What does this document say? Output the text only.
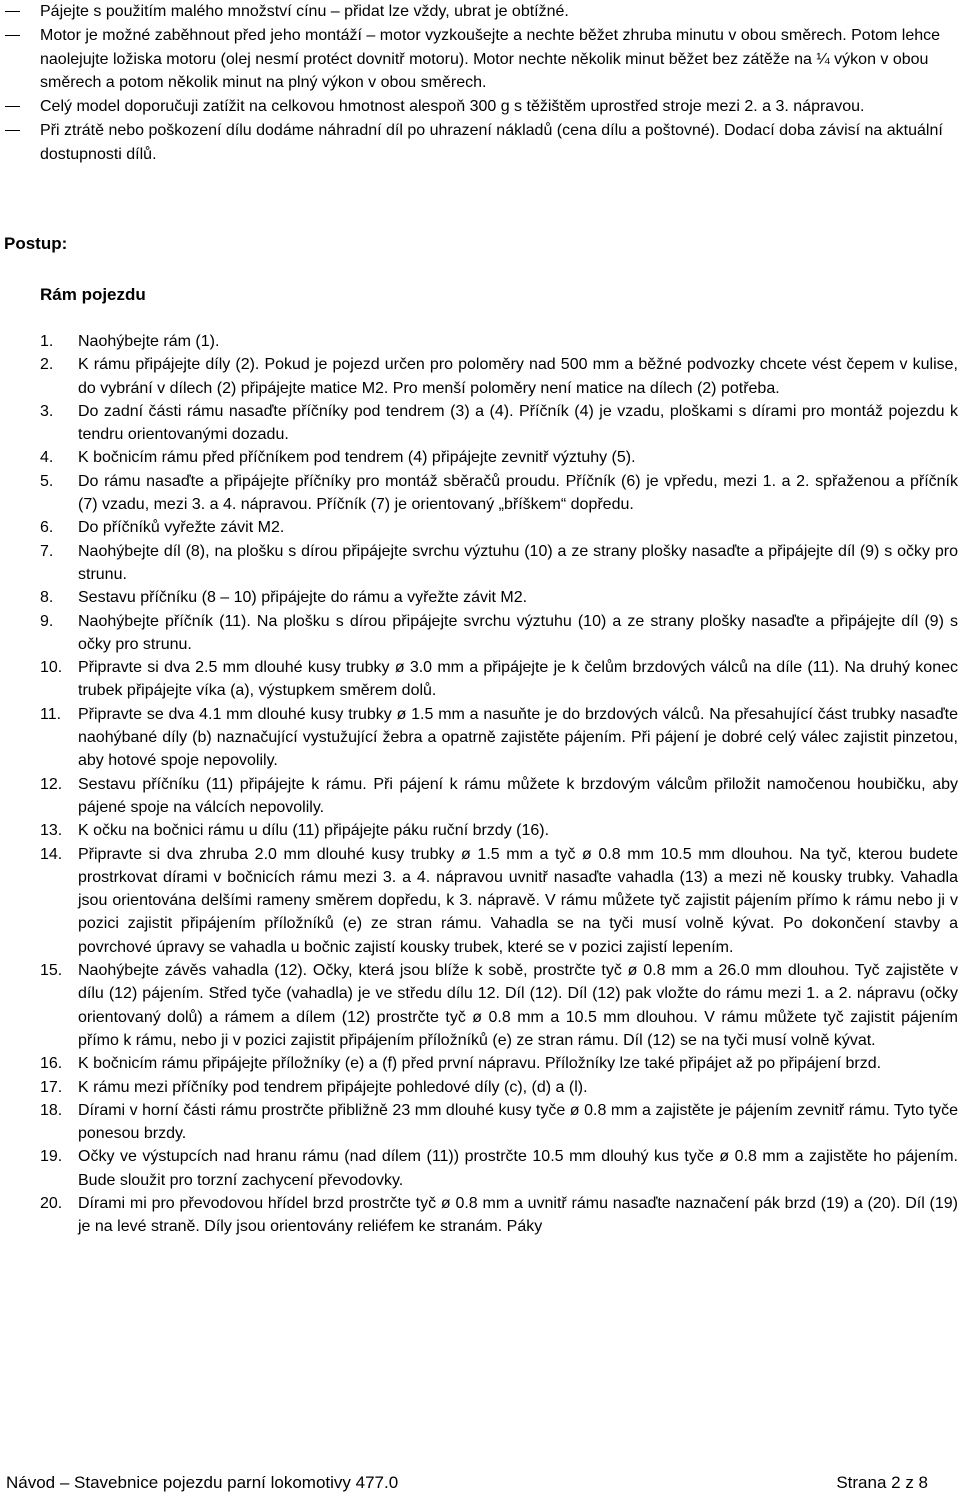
Pájejte s použitím malého množství cínu – přidat lze vždy, ubrat je obtížné.
Motor je možné zaběhnout před jeho montáží – motor vyzkoušejte a nechte běžet zhruba minutu v obou směrech. Potom lehce naolejujte ložiska motoru (olej nesmí protéct dovnitř motoru). Motor nechte několik minut běžet bez zátěže na ¼ výkon v obou směrech a potom několik minut na plný výkon v obou směrech.
Celý model doporučuji zatížit na celkovou hmotnost alespoň 300 g s těžištěm uprostřed stroje mezi 2. a 3. nápravou.
Při ztrátě nebo poškození dílu dodáme náhradní díl po uhrazení nákladů (cena dílu a poštovné). Dodací doba závisí na aktuální dostupnosti dílů.
Postup:
Rám pojezdu
1.	Naohýbejte rám (1).
2.	K rámu připájejte díly (2). Pokud je pojezd určen pro poloměry nad 500 mm a běžné podvozky chcete vést čepem v kulise, do vybrání v dílech (2) připájejte matice M2. Pro menší poloměry není matice na dílech (2) potřeba.
3.	Do zadní části rámu nasaďte příčníky pod tendrem (3) a (4). Příčník (4) je vzadu, ploškami s dírami pro montáž pojezdu k tendru orientovanými dozadu.
4.	K bočnicím rámu před příčníkem pod tendrem (4) připájejte zevnitř výztuhy (5).
5.	Do rámu nasaďte a připájejte příčníky pro montáž sběračů proudu. Příčník (6) je vpředu, mezi 1. a 2. spřaženou a příčník (7) vzadu, mezi 3. a 4. nápravou. Příčník (7) je orientovaný „bříškem“ dopředu.
6.	Do příčníků vyřežte závit M2.
7.	Naohýbejte díl (8), na plošku s dírou připájejte svrchu výztuhu (10) a ze strany plošky nasaďte a připájejte díl (9) s očky pro strunu.
8.	Sestavu příčníku (8 – 10) připájejte do rámu a vyřežte závit M2.
9.	Naohýbejte příčník (11). Na plošku s dírou připájejte svrchu výztuhu (10) a ze strany plošky nasaďte a připájejte díl (9) s očky pro strunu.
10. Připravte si dva 2.5 mm dlouhé kusy trubky ø 3.0 mm a připájejte je k čelům brzdových válců na díle (11). Na druhý konec trubek připájejte víka (a), výstupkem směrem dolů.
11.	Připravte se dva 4.1 mm dlouhé kusy trubky ø 1.5 mm a nasuňte je do brzdových válců. Na přesahující část trubky nasaďte naohýbané díly (b) naznačující vystužující žebra a opatrně zajistěte pájením. Při pájení je dobré celý válec zajistit pinzetou, aby hotové spoje nepovolily.
12. Sestavu příčníku (11) připájejte k rámu. Při pájení k rámu můžete k brzdovým válcům přiložit namočenou houbičku, aby pájené spoje na válcích nepovolily.
13. K očku na bočnici rámu u dílu (11) připájejte páku ruční brzdy (16).
14. Připravte si dva zhruba 2.0 mm dlouhé kusy trubky ø 1.5 mm a tyč ø 0.8 mm 10.5 mm dlouhou. Na tyč, kterou budete prostrkovat dírami v bočnicích rámu mezi 3. a 4. nápravou uvnitř nasaďte vahadla (13) a mezi ně kousky trubky. Vahadla jsou orientována delšími rameny směrem dopředu, k 3. nápravě. V rámu můžete tyč zajistit pájením přímo k rámu nebo ji v pozici zajistit připájením příložníků (e) ze stran rámu. Vahadla se na tyči musí volně kývat. Po dokončení stavby a povrchové úpravy se vahadla u bočnic zajistí kousky trubek, které se v pozici zajistí lepením.
15. Naohýbejte závěs vahadla (12). Očky, která jsou blíže k sobě, prostrčte tyč ø 0.8 mm a 26.0 mm dlouhou. Tyč zajistěte v dílu (12) pájením. Střed tyče (vahadla) je ve středu dílu 12. Díl (12). Díl (12) pak vložte do rámu mezi 1. a 2. nápravu (očky orientovaný dolů) a rámem a dílem (12) prostrčte tyč ø 0.8 mm a 10.5 mm dlouhou. V rámu můžete tyč zajistit pájením přímo k rámu, nebo ji v pozici zajistit připájením příložníků (e) ze stran rámu. Díl (12) se na tyči musí volně kývat.
16. K bočnicím rámu připájejte příložníky (e) a (f) před první nápravu. Příložníky lze také připájet až po připájení brzd.
17. K rámu mezi příčníky pod tendrem připájejte pohledové díly (c), (d) a (l).
18. Dírami v horní části rámu prostrčte přibližně 23 mm dlouhé kusy tyče ø 0.8 mm a zajistěte je pájením zevnitř rámu. Tyto tyče ponesou brzdy.
19. Očky ve výstupcích nad hranu rámu (nad dílem (11)) prostrčte 10.5 mm dlouhý kus tyče ø 0.8 mm a zajistěte ho pájením. Bude sloužit pro torzní zachycení převodovky.
20. Dírami mi pro převodovou hřídel brzd prostrčte tyč ø 0.8 mm a uvnitř rámu nasaďte naznačení pák brzd (19) a (20). Díl (19) je na levé straně. Díly jsou orientovány reliéfem ke stranám. Páky
Návod – Stavebnice pojezdu parní lokomotivy 477.0	Strana 2 z 8
